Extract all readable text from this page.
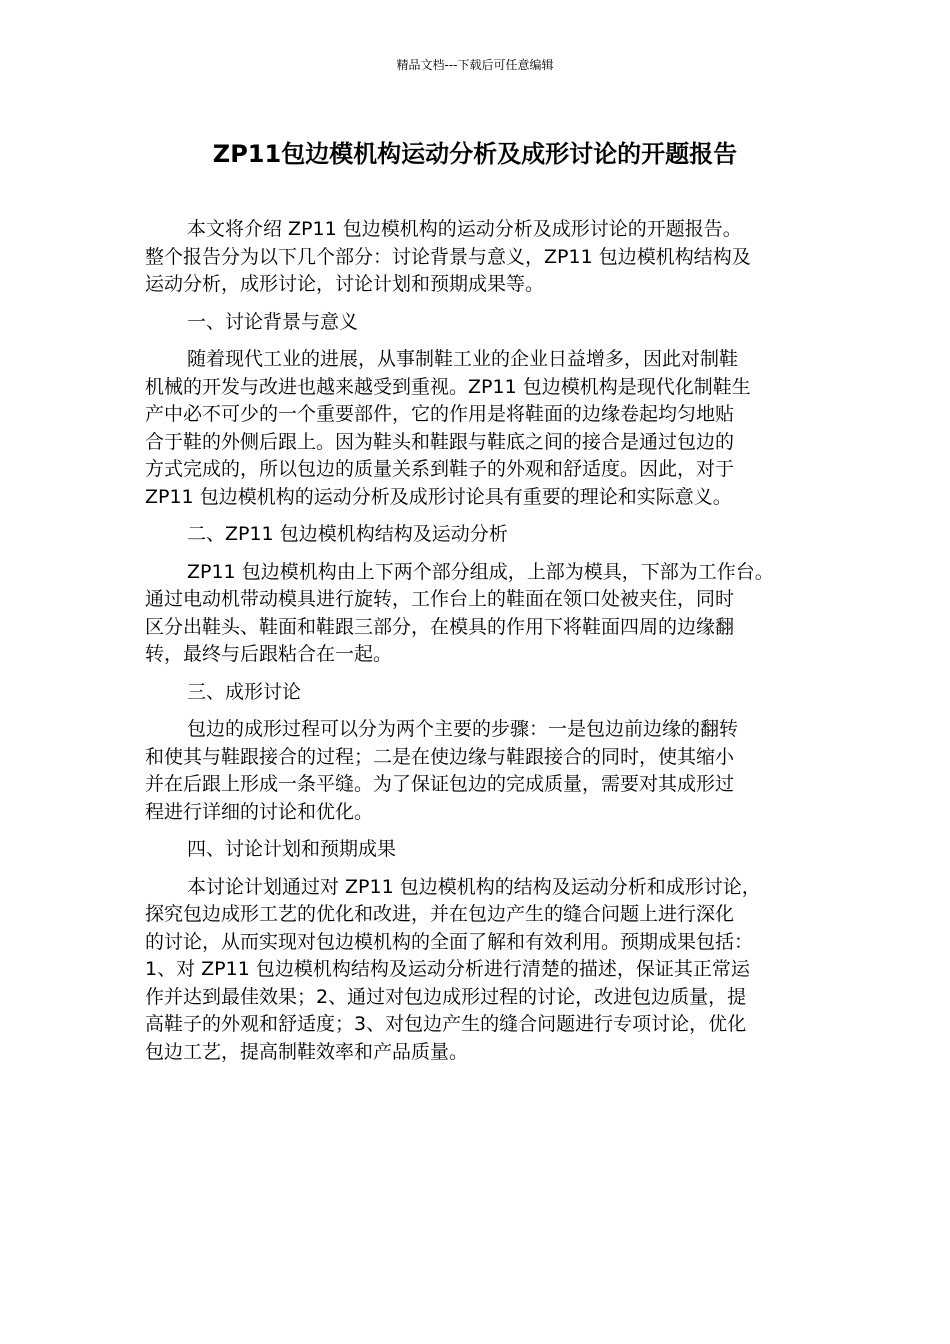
精品文档---下载后可任意编辑
ZP11包边模机构运动分析及成形讨论的开题报告

本文将介绍 ZP11 包边模机构的运动分析及成形讨论的开题报告。
整个报告分为以下几个部分：讨论背景与意义，ZP11 包边模机构结构及
运动分析，成形讨论，讨论计划和预期成果等。

一、讨论背景与意义

随着现代工业的进展，从事制鞋工业的企业日益增多，因此对制鞋
机械的开发与改进也越来越受到重视。ZP11 包边模机构是现代化制鞋生
产中必不可少的一个重要部件，它的作用是将鞋面的边缘卷起均匀地贴
合于鞋的外侧后跟上。因为鞋头和鞋跟与鞋底之间的接合是通过包边的
方式完成的，所以包边的质量关系到鞋子的外观和舒适度。因此，对于
ZP11 包边模机构的运动分析及成形讨论具有重要的理论和实际意义。

二、ZP11 包边模机构结构及运动分析

ZP11 包边模机构由上下两个部分组成，上部为模具，下部为工作台。
通过电动机带动模具进行旋转，工作台上的鞋面在领口处被夹住，同时
区分出鞋头、鞋面和鞋跟三部分，在模具的作用下将鞋面四周的边缘翻
转，最终与后跟粘合在一起。

三、成形讨论

包边的成形过程可以分为两个主要的步骤：一是包边前边缘的翻转
和使其与鞋跟接合的过程；二是在使边缘与鞋跟接合的同时，使其缩小
并在后跟上形成一条平缝。为了保证包边的完成质量，需要对其成形过
程进行详细的讨论和优化。

四、讨论计划和预期成果

本讨论计划通过对 ZP11 包边模机构的结构及运动分析和成形讨论，
探究包边成形工艺的优化和改进，并在包边产生的缝合问题上进行深化
的讨论，从而实现对包边模机构的全面了解和有效利用。预期成果包括：
1、对 ZP11 包边模机构结构及运动分析进行清楚的描述，保证其正常运
作并达到最佳效果；2、通过对包边成形过程的讨论，改进包边质量，提
高鞋子的外观和舒适度；3、对包边产生的缝合问题进行专项讨论，优化
包边工艺，提高制鞋效率和产品质量。
